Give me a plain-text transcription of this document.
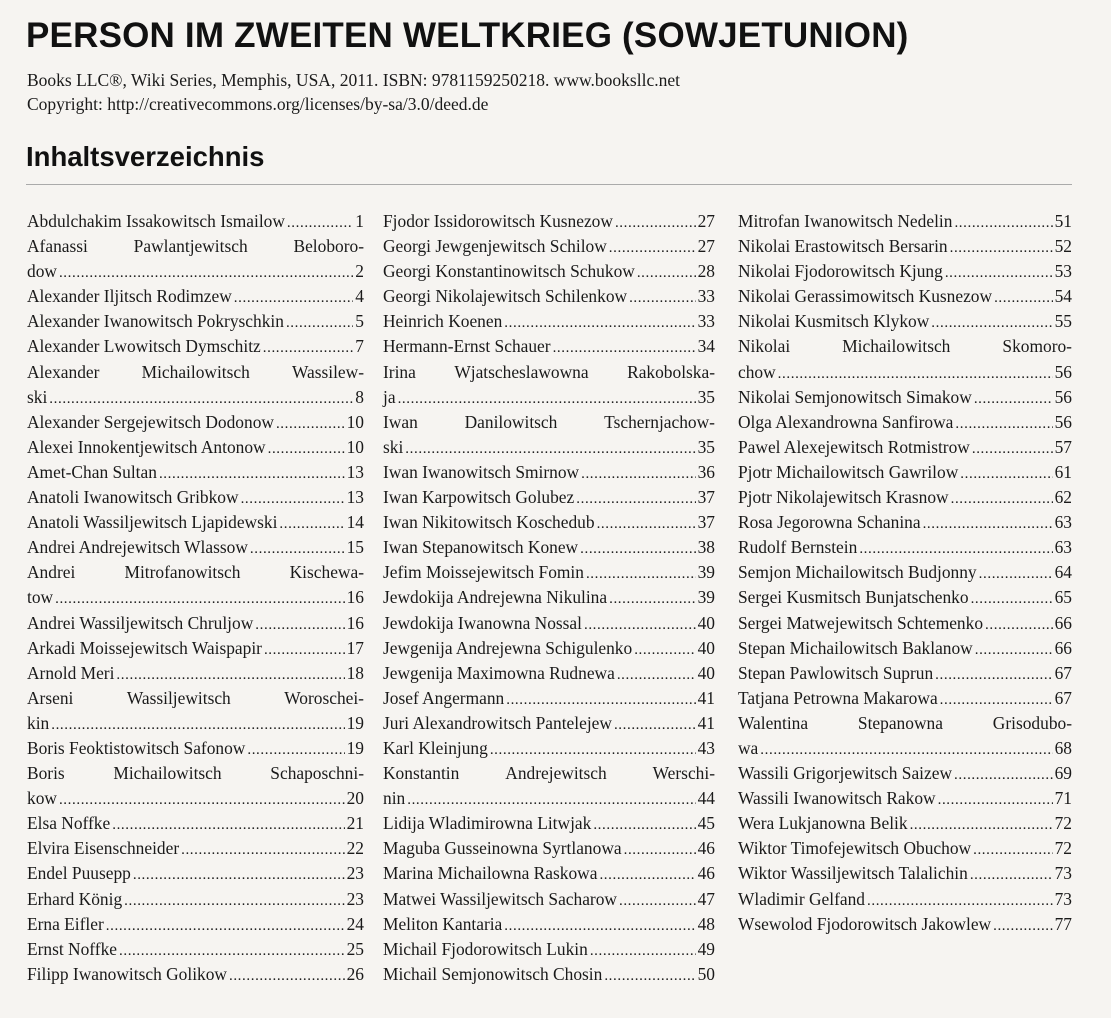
PERSON IM ZWEITEN WELTKRIEG (SOWJETUNION)
Books LLC®, Wiki Series, Memphis, USA, 2011. ISBN: 9781159250218. www.booksllc.net
Copyright: http://creativecommons.org/licenses/by-sa/3.0/deed.de
Inhaltsverzeichnis
Abdulchakim Issakowitsch Ismailow .....	1
Afanassi	Pawlantjewitsch	Beloboro-
dow .....	2
Alexander Iljitsch Rodimzew .....	4
Alexander Iwanowitsch Pokryschkin .....	5
Alexander Lwowitsch Dymschitz .....	7
Alexander Michailowitsch Wassilew-
ski .....	8
Alexander Sergejewitsch Dodonow .....	10
Alexei Innokentjewitsch Antonow .....	10
Amet-Chan Sultan .....	13
Anatoli Iwanowitsch Gribkow .....	13
Anatoli Wassiljewitsch Ljapidewski .....	14
Andrei Andrejewitsch Wlassow .....	15
Andrei	Mitrofanowitsch	Kischewa-
tow .....	16
Andrei Wassiljewitsch Chruljow .....	16
Arkadi Moissejewitsch Waispapir .....	17
Arnold Meri .....	18
Arseni	Wassiljewitsch	Woroschei-
kin .....	19
Boris Feoktistowitsch Safonow .....	19
Boris	Michailowitsch	Schaposchni-
kow .....	20
Elsa Noffke .....	21
Elvira Eisenschneider .....	22
Endel Puusepp .....	23
Erhard König .....	23
Erna Eifler .....	24
Ernst Noffke .....	25
Filipp Iwanowitsch Golikow .....	26
Fjodor Issidorowitsch Kusnezow .....	27
Georgi Jewgenjewitsch Schilow .....	27
Georgi Konstantinowitsch Schukow .....	28
Georgi Nikolajewitsch Schilenkow .....	33
Heinrich Koenen .....	33
Hermann-Ernst Schauer .....	34
Irina Wjatscheslawowna Rakobolska-
ja .....	35
Iwan	Danilowitsch	Tschernjachow-
ski .....	35
Iwan Iwanowitsch Smirnow .....	36
Iwan Karpowitsch Golubez .....	37
Iwan Nikitowitsch Koschedub .....	37
Iwan Stepanowitsch Konew .....	38
Jefim Moissejewitsch Fomin .....	39
Jewdokija Andrejewna Nikulina .....	39
Jewdokija Iwanowna Nossal .....	40
Jewgenija Andrejewna Schigulenko .....	40
Jewgenija Maximowna Rudnewa .....	40
Josef Angermann .....	41
Juri Alexandrowitsch Pantelejew .....	41
Karl Kleinjung .....	43
Konstantin	Andrejewitsch	Werschi-
nin .....	44
Lidija Wladimirowna Litwjak .....	45
Maguba Gusseinowna Syrtlanowa .....	46
Marina Michailowna Raskowa .....	46
Matwei Wassiljewitsch Sacharow .....	47
Meliton Kantaria .....	48
Michail Fjodorowitsch Lukin .....	49
Michail Semjonowitsch Chosin .....	50
Mitrofan Iwanowitsch Nedelin .....	51
Nikolai Erastowitsch Bersarin .....	52
Nikolai Fjodorowitsch Kjung .....	53
Nikolai Gerassimowitsch Kusnezow .....	54
Nikolai Kusmitsch Klykow .....	55
Nikolai	Michailowitsch	Skomoro-
chow .....	56
Nikolai Semjonowitsch Simakow .....	56
Olga Alexandrowna Sanfirowa .....	56
Pawel Alexejewitsch Rotmistrow .....	57
Pjotr Michailowitsch Gawrilow .....	61
Pjotr Nikolajewitsch Krasnow .....	62
Rosa Jegorowna Schanina .....	63
Rudolf Bernstein .....	63
Semjon Michailowitsch Budjonny .....	64
Sergei Kusmitsch Bunjatschenko .....	65
Sergei Matwejewitsch Schtemenko .....	66
Stepan Michailowitsch Baklanow .....	66
Stepan Pawlowitsch Suprun .....	67
Tatjana Petrowna Makarowa .....	67
Walentina	Stepanowna	Grisodubo-
wa .....	68
Wassili Grigorjewitsch Saizew .....	69
Wassili Iwanowitsch Rakow .....	71
Wera Lukjanowna Belik .....	72
Wiktor Timofejewitsch Obuchow .....	72
Wiktor Wassiljewitsch Talalichin .....	73
Wladimir Gelfand .....	73
Wsewolod Fjodorowitsch Jakowlew .....	77
